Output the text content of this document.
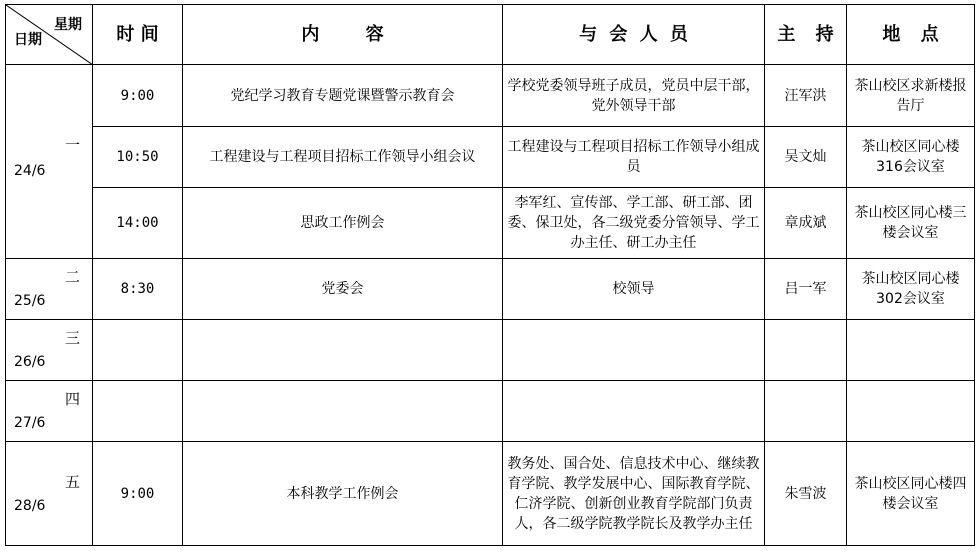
星期
日期	时 间	内 容	与 会 人 员	主 持	地 点

一
24/6	9:00	党纪学习教育专题党课暨警示教育会	学校党委领导班子成员，党员中层干部，党外领导干部	汪军洪	茶山校区求新楼报告厅
	10:50	工程建设与工程项目招标工作领导小组会议	工程建设与工程项目招标工作领导小组成员	吴文灿	茶山校区同心楼316会议室
	14:00	思政工作例会	李军红、宣传部、学工部、研工部、团委、保卫处，各二级党委分管领导、学工办主任、研工办主任	章成斌	茶山校区同心楼三楼会议室

二
25/6	8:30	党委会	校领导	吕一军	茶山校区同心楼302会议室

三
26/6					

四
27/6					

五
28/6	9:00	本科教学工作例会	教务处、国合处、信息技术中心、继续教育学院、教学发展中心、国际教育学院、仁济学院、创新创业教育学院部门负责人，各二级学院教学院长及教学办主任	朱雪波	茶山校区同心楼四楼会议室
